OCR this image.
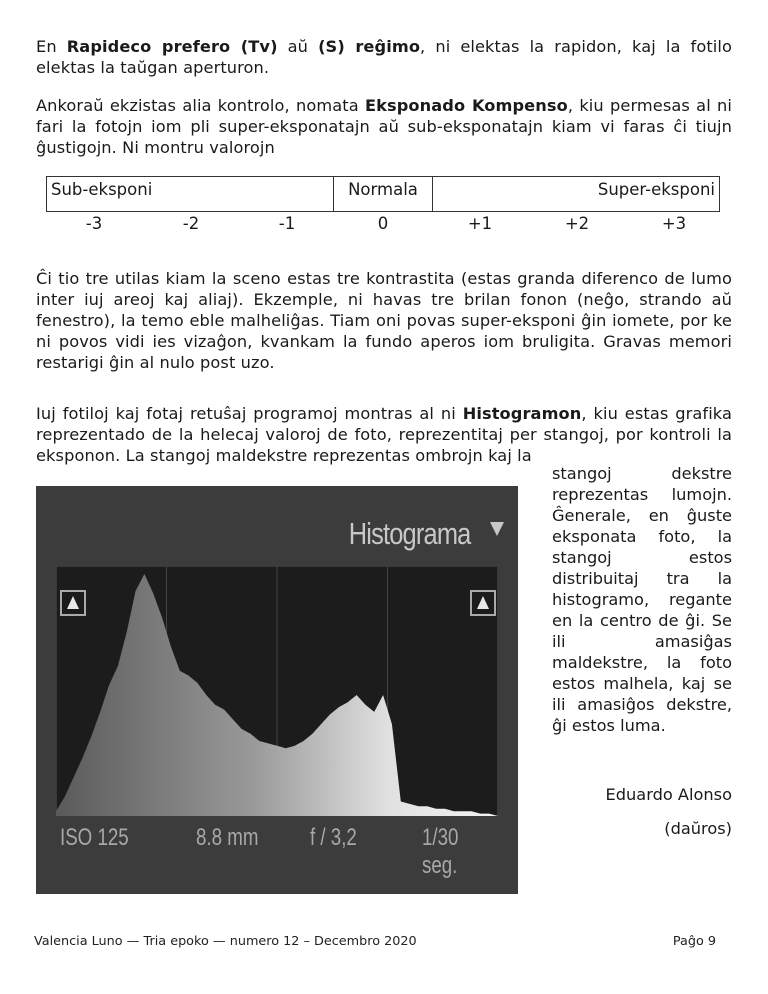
En Rapideco prefero (Tv) aŭ (S) reĝimo, ni elektas la rapidon, kaj la fotilo elektas la taŭgan aperturon.

Ankoraŭ ekzistas alia kontrolo, nomata Eksponado Kompenso, kiu permesas al ni fari la fotojn iom pli super-eksponatajn aŭ sub-eksponatajn kiam vi faras ĉi tiujn ĝustigojn. Ni montru valorojn

Sub-eksponi	Normala	Super-eksponi
-3	-2	-1	0	+1	+2	+3

Ĉi tio tre utilas kiam la sceno estas tre kontrastita (estas granda diferenco de lumo inter iuj areoj kaj aliaj). Ekzemple, ni havas tre brilan fonon (neĝo, strando aŭ fenestro), la temo eble malheliĝas. Tiam oni povas super-eksponi ĝin iomete, por ke ni povos vidi ies vizaĝon, kvankam la fundo aperos iom bruligita. Gravas memori restarigi ĝin al nulo post uzo.

Iuj fotiloj kaj fotaj retuŝaj programoj montras al ni Histogramon, kiu estas grafika reprezentado de la helecaj valoroj de foto, reprezentitaj per stangoj, por kontroli la eksponon. La stangoj maldekstre reprezentas ombrojn kaj la

Histograma
ISO 125	8.8 mm f / 3,2	1/30 seg.

stangoj dekstre reprezentas lumojn. Ĝenerale, en ĝuste eksponata foto, la stangoj estos distribuitaj tra la histogramo, regante en la centro de ĝi. Se ili amasiĝas maldekstre, la foto estos malhela, kaj se ili amasiĝos dekstre, ĝi estos luma.

Eduardo Alonso
(daŭros)
Valencia Luno — Tria epoko — numero 12 – Decembro 2020	Paĝo 9
